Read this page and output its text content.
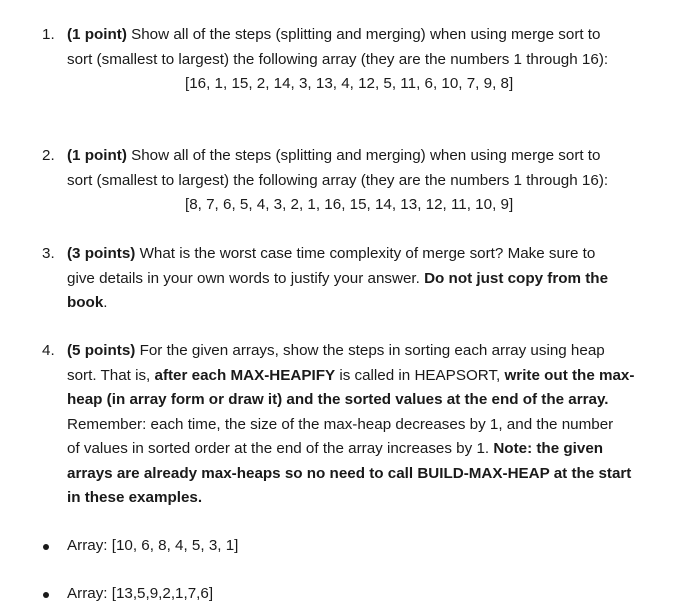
1. (1 point) Show all of the steps (splitting and merging) when using merge sort to
sort (smallest to largest) the following array (they are the numbers 1 through 16):
[16, 1, 15, 2, 14, 3, 13, 4, 12, 5, 11, 6, 10, 7, 9, 8]
2. (1 point) Show all of the steps (splitting and merging) when using merge sort to
sort (smallest to largest) the following array (they are the numbers 1 through 16):
[8, 7, 6, 5, 4, 3, 2, 1, 16, 15, 14, 13, 12, 11, 10, 9]
3. (3 points) What is the worst case time complexity of merge sort? Make sure to
give details in your own words to justify your answer. Do not just copy from the
book.
4. (5 points) For the given arrays, show the steps in sorting each array using heap
sort. That is, after each MAX-HEAPIFY is called in HEAPSORT, write out the max-
heap (in array form or draw it) and the sorted values at the end of the array.
Remember: each time, the size of the max-heap decreases by 1, and the number
of values in sorted order at the end of the array increases by 1. Note: the given
arrays are already max-heaps so no need to call BUILD-MAX-HEAP at the start
in these examples.
Array: [10, 6, 8, 4, 5, 3, 1]
Array: [13,5,9,2,1,7,6]
